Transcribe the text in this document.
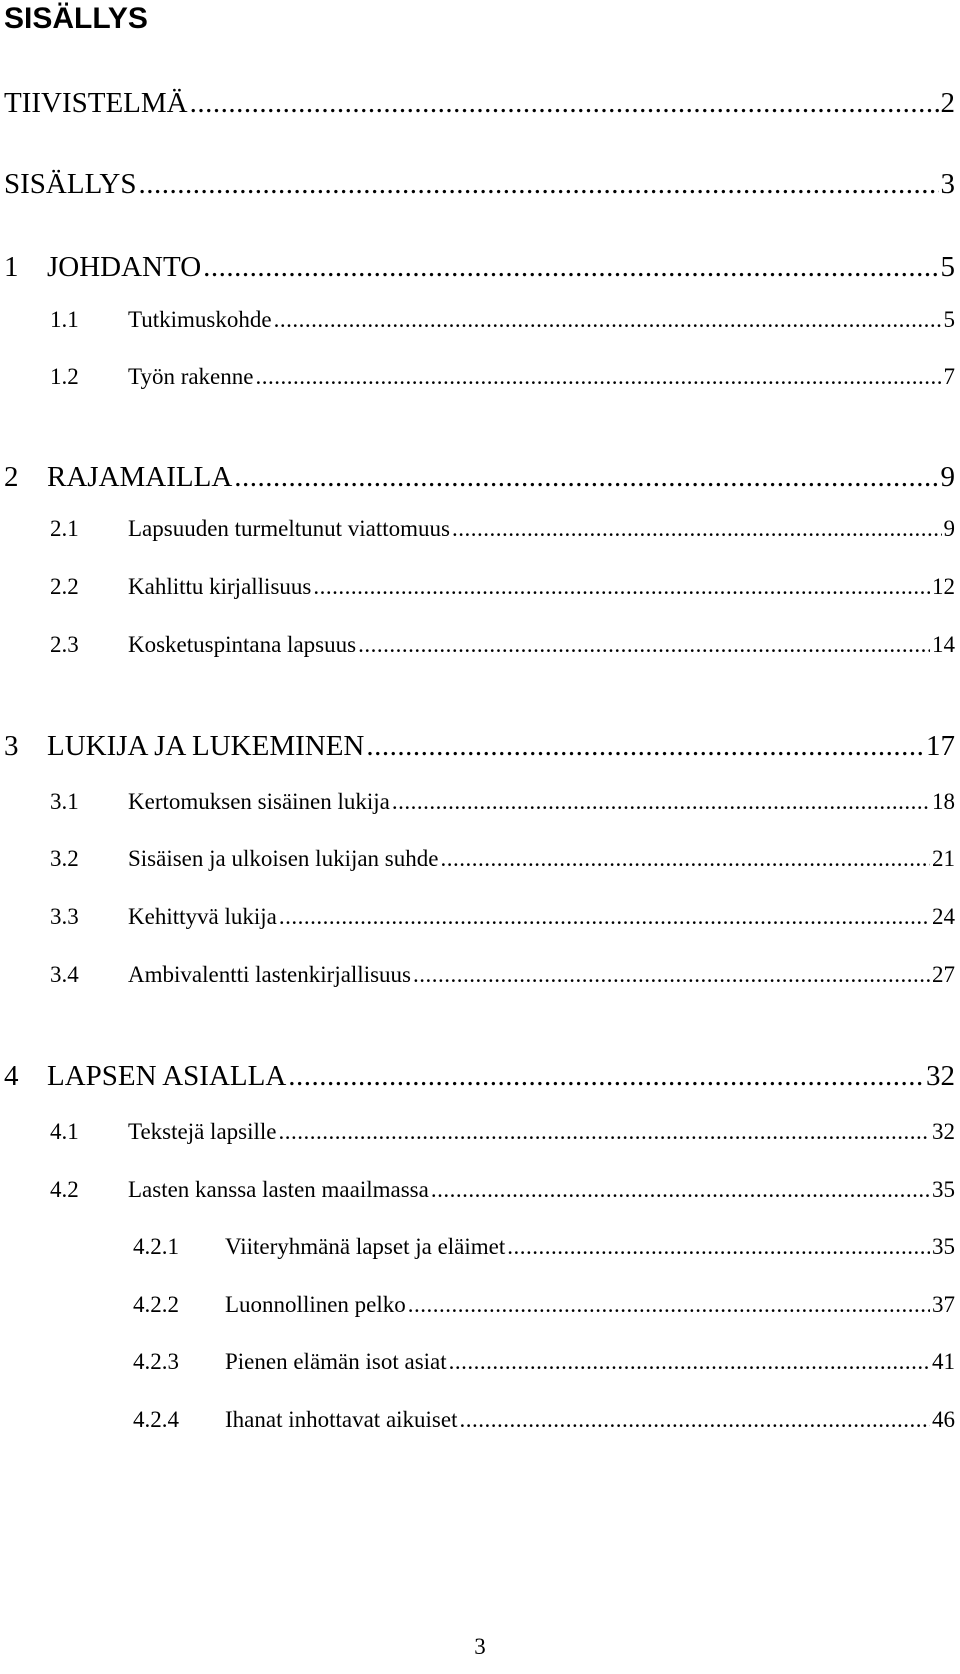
SISÄLLYS
TIIVISTELMÄ .....	2
SISÄLLYS .....	3
1 JOHDANTO .....	5
1.1	Tutkimuskohde .....	5
1.2	Työn rakenne .....	7
2 RAJAMAILLA .....	9
2.1	Lapsuuden turmeltunut viattomuus .....	9
2.2	Kahlittu kirjallisuus .....	12
2.3	Kosketuspintana lapsuus .....	14
3 LUKIJA JA LUKEMINEN .....	17
3.1	Kertomuksen sisäinen lukija .....	18
3.2	Sisäisen ja ulkoisen lukijan suhde .....	21
3.3	Kehittyvä lukija .....	24
3.4	Ambivalentti lastenkirjallisuus .....	27
4 LAPSEN ASIALLA .....	32
4.1	Tekstejä lapsille .....	32
4.2	Lasten kanssa lasten maailmassa .....	35
4.2.1	Viiteryhmänä lapset ja eläimet .....	35
4.2.2	Luonnollinen pelko .....	37
4.2.3	Pienen elämän isot asiat .....	41
4.2.4	Ihanat inhottavat aikuiset .....	46
3
